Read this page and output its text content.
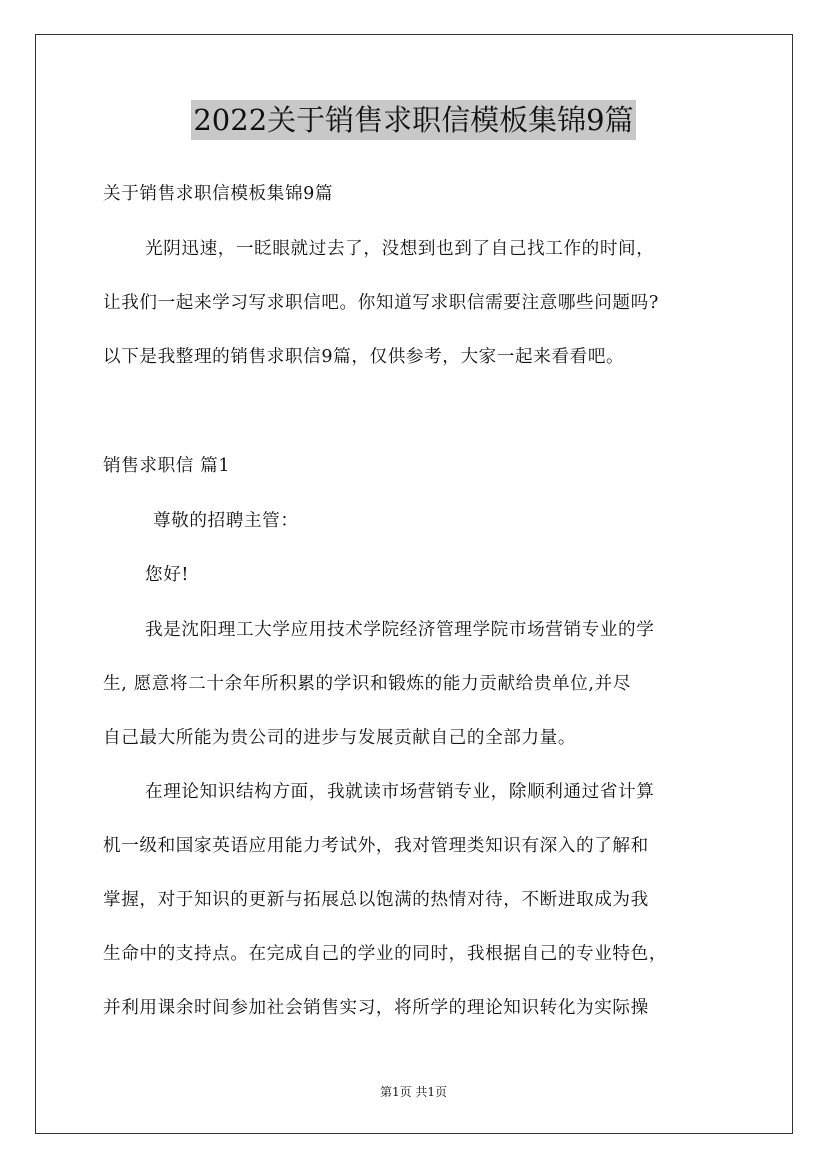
2022关于销售求职信模板集锦9篇
关于销售求职信模板集锦9篇
光阴迅速，一眨眼就过去了，没想到也到了自己找工作的时间，
让我们一起来学习写求职信吧。你知道写求职信需要注意哪些问题吗?
以下是我整理的销售求职信9篇，仅供参考，大家一起来看看吧。
销售求职信 篇1
尊敬的招聘主管：
您好!
我是沈阳理工大学应用技术学院经济管理学院市场营销专业的学
生, 愿意将二十余年所积累的学识和锻炼的能力贡献给贵单位,并尽
自己最大所能为贵公司的进步与发展贡献自己的全部力量。
在理论知识结构方面，我就读市场营销专业，除顺利通过省计算
机一级和国家英语应用能力考试外，我对管理类知识有深入的了解和
掌握，对于知识的更新与拓展总以饱满的热情对待，不断进取成为我
生命中的支持点。在完成自己的学业的同时，我根据自己的专业特色，
并利用课余时间参加社会销售实习，将所学的理论知识转化为实际操
第1页 共1页
